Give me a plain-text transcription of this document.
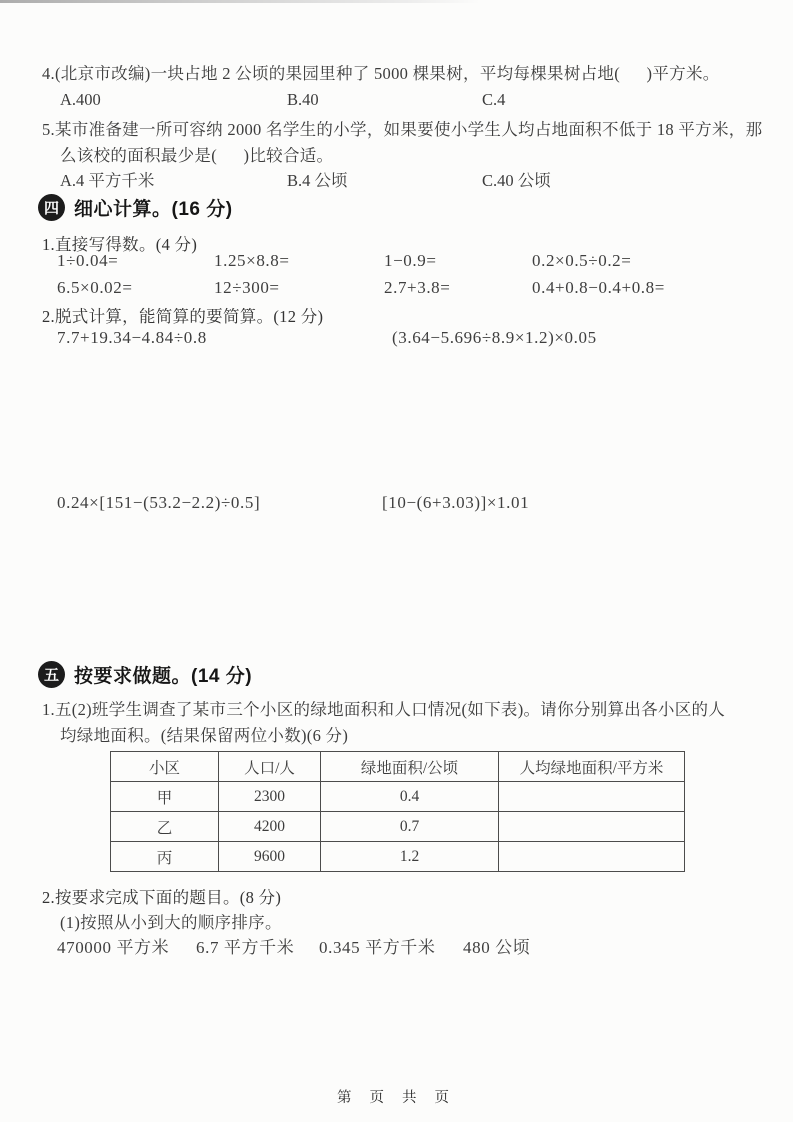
4.(北京市改编)一块占地 2 公顷的果园里种了 5000 棵果树，平均每棵果树占地(      )平方米。
A.400	B.40	C.4
5.某市准备建一所可容纳 2000 名学生的小学，如果要使小学生人均占地面积不低于 18 平方米，那
么该校的面积最少是(      )比较合适。
A.4 平方千米	B.4 公顷	C.40 公顷
四 细心计算。(16 分)
1.直接写得数。(4 分)
1÷0.04=	1.25×8.8=	1−0.9=	0.2×0.5÷0.2=
6.5×0.02=	12÷300=	2.7+3.8=	0.4+0.8−0.4+0.8=
2.脱式计算，能简算的要简算。(12 分)
7.7+19.34−4.84÷0.8	(3.64−5.696÷8.9×1.2)×0.05
0.24×[151−(53.2−2.2)÷0.5]	[10−(6+3.03)]×1.01
五 按要求做题。(14 分)
1.五(2)班学生调查了某市三个小区的绿地面积和人口情况(如下表)。请你分别算出各小区的人
均绿地面积。(结果保留两位小数)(6 分)
小区	人口/人	绿地面积/公顷	人均绿地面积/平方米
甲	2300	0.4	
乙	4200	0.7	
丙	9600	1.2	
2.按要求完成下面的题目。(8 分)
(1)按照从小到大的顺序排序。
470000 平方米 6.7 平方千米 0.345 平方千米 480 公顷
第 页 共 页
